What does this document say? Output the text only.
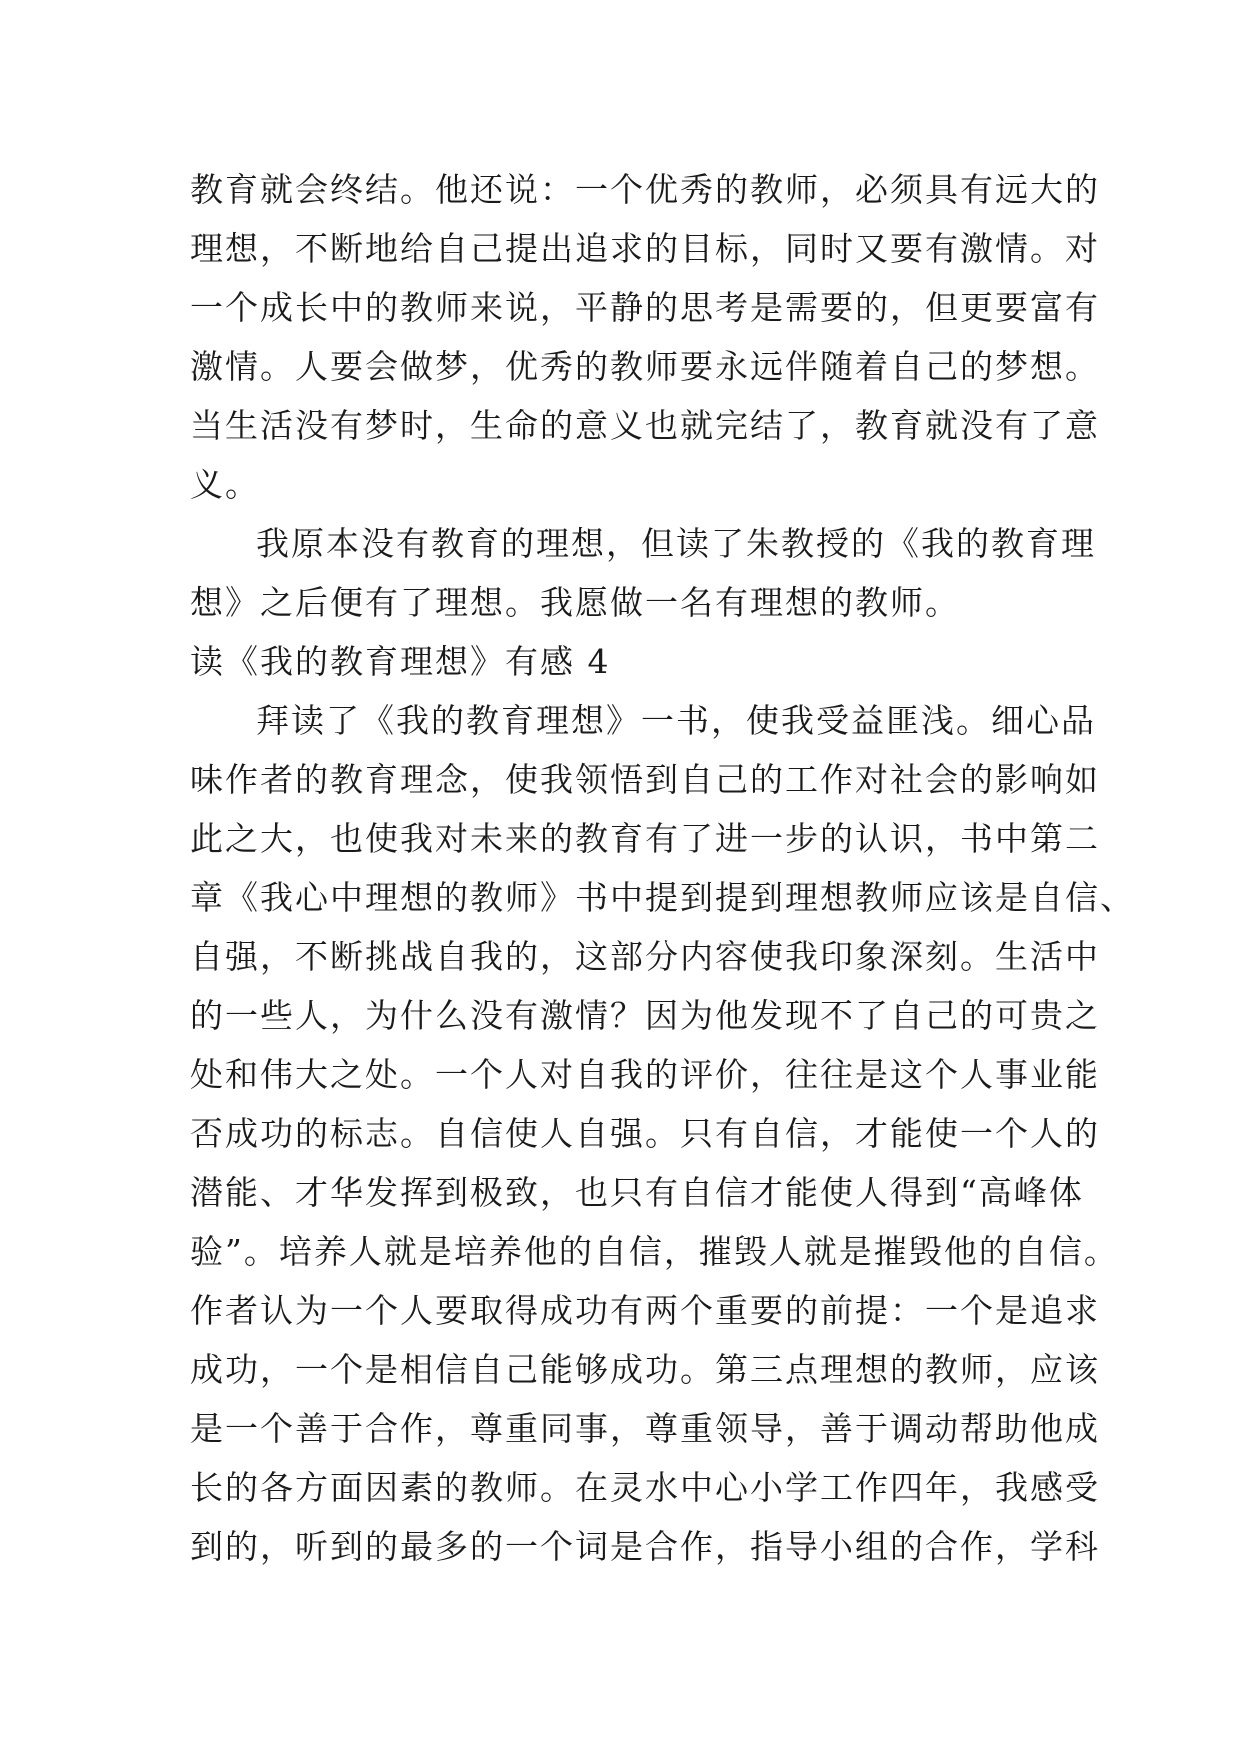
教育就会终结。他还说：一个优秀的教师，必须具有远大的
理想，不断地给自己提出追求的目标，同时又要有激情。对
一个成长中的教师来说，平静的思考是需要的，但更要富有
激情。人要会做梦，优秀的教师要永远伴随着自己的梦想。
当生活没有梦时，生命的意义也就完结了，教育就没有了意
义。
我原本没有教育的理想，但读了朱教授的《我的教育理
想》之后便有了理想。我愿做一名有理想的教师。
读《我的教育理想》有感 4
拜读了《我的教育理想》一书，使我受益匪浅。细心品
味作者的教育理念，使我领悟到自己的工作对社会的影响如
此之大，也使我对未来的教育有了进一步的认识，书中第二
章《我心中理想的教师》书中提到提到理想教师应该是自信、
自强，不断挑战自我的，这部分内容使我印象深刻。生活中
的一些人，为什么没有激情？因为他发现不了自己的可贵之
处和伟大之处。一个人对自我的评价，往往是这个人事业能
否成功的标志。自信使人自强。只有自信，才能使一个人的
潜能、才华发挥到极致，也只有自信才能使人得到“高峰体
验”。培养人就是培养他的自信，摧毁人就是摧毁他的自信。
作者认为一个人要取得成功有两个重要的前提：一个是追求
成功，一个是相信自己能够成功。第三点理想的教师，应该
是一个善于合作，尊重同事，尊重领导，善于调动帮助他成
长的各方面因素的教师。在灵水中心小学工作四年，我感受
到的，听到的最多的一个词是合作，指导小组的合作，学科
